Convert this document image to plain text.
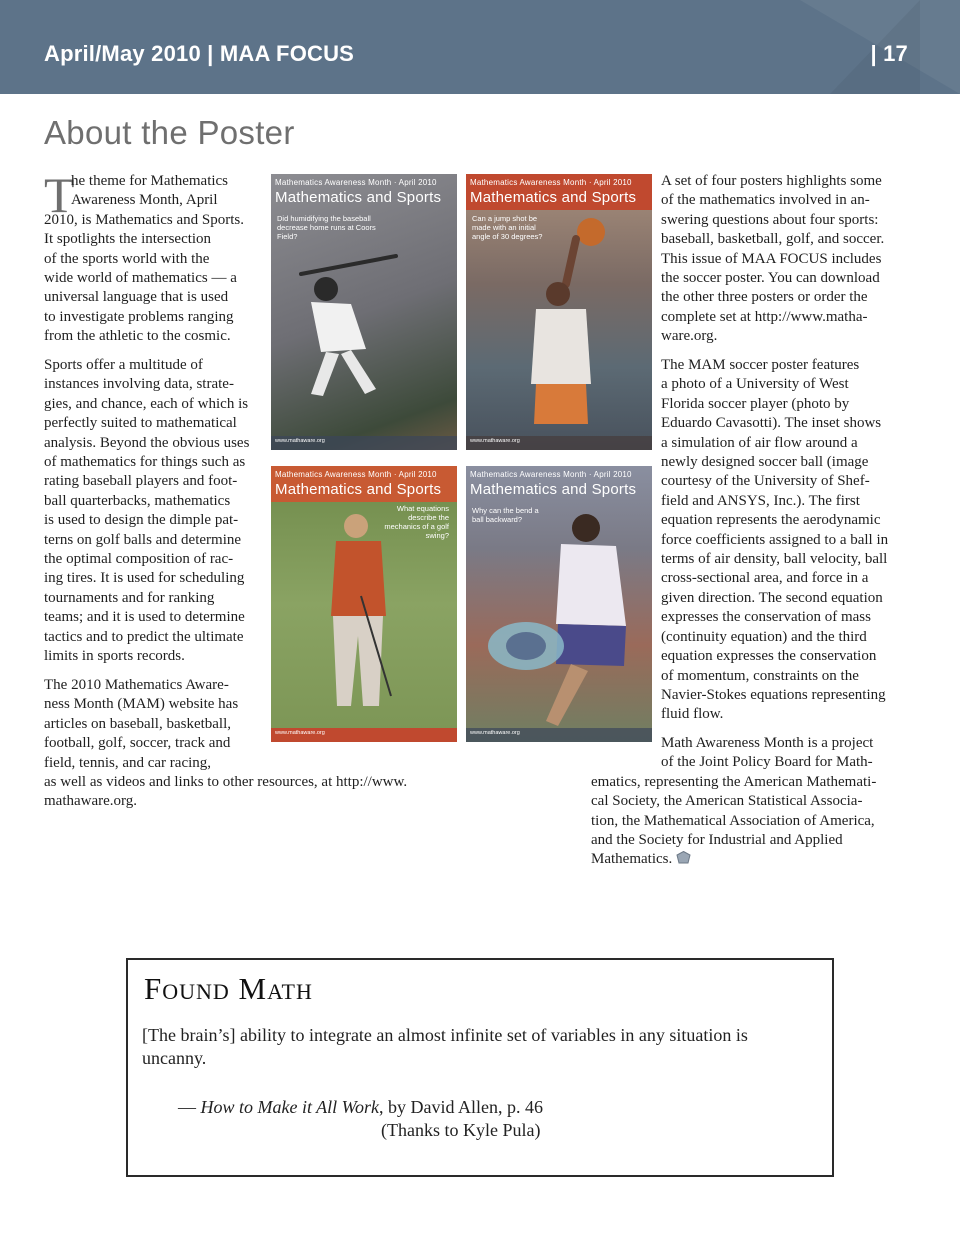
April/May 2010 | MAA FOCUS	| 17
About the Poster
T
he theme for Mathematics
Awareness Month, April
2010, is Mathematics and Sports.
It spotlights the intersection
of the sports world with the
wide world of mathematics — a
universal language that is used
to investigate problems ranging
from the athletic to the cosmic.
Sports offer a multitude of
instances involving data, strate-
gies, and chance, each of which is
perfectly suited to mathematical
analysis. Beyond the obvious uses
of mathematics for things such as
rating baseball players and foot-
ball quarterbacks, mathematics
is used to design the dimple pat-
terns on golf balls and determine
the optimal composition of rac-
ing tires. It is used for scheduling
tournaments and for ranking
teams; and it is used to determine
tactics and to predict the ultimate
limits in sports records.
The 2010 Mathematics Aware-
ness Month (MAM) website has
articles on baseball, basketball,
football, golf, soccer, track and
field, tennis, and car racing,
as well as videos and links to other resources, at http://www.
mathaware.org.
Mathematics Awareness Month · April 2010
Mathematics and Sports
Did humidifying the baseball decrease home runs at Coors Field?
www.mathaware.org
Mathematics Awareness Month · April 2010
Mathematics and Sports
Can a jump shot be made with an initial angle of 30 degrees?
www.mathaware.org
Mathematics Awareness Month · April 2010
Mathematics and Sports
What equations describe the mechanics of a golf swing?
www.mathaware.org
Mathematics Awareness Month · April 2010
Mathematics and Sports
Why can the bend a ball backward?
www.mathaware.org
A set of four posters highlights some
of the mathematics involved in an-
swering questions about four sports:
baseball, basketball, golf, and soccer.
This issue of MAA FOCUS includes
the soccer poster. You can download
the other three posters or order the
complete set at http://www.matha-
ware.org.
The MAM soccer poster features
a photo of a University of West
Florida soccer player (photo by
Eduardo Cavasotti). The inset shows
a simulation of air flow around a
newly designed soccer ball (image
courtesy of the University of Shef-
field and ANSYS, Inc.). The first
equation represents the aerodynamic
force coefficients assigned to a ball in
terms of air density, ball velocity, ball
cross-sectional area, and force in a
given direction. The second equation
expresses the conservation of mass
(continuity equation) and the third
equation expresses the conservation
of momentum, constraints on the
Navier-Stokes equations representing
fluid flow.
Math Awareness Month is a project
of the Joint Policy Board for Math-
ematics, representing the American Mathemati-
cal Society, the American Statistical Associa-
tion, the Mathematical Association of America,
and the Society for Industrial and Applied
Mathematics.
Found Math
[The brain’s] ability to integrate an almost infinite set of variables in any situation is
uncanny.
— How to Make it All Work, by David Allen, p. 46
(Thanks to Kyle Pula)
